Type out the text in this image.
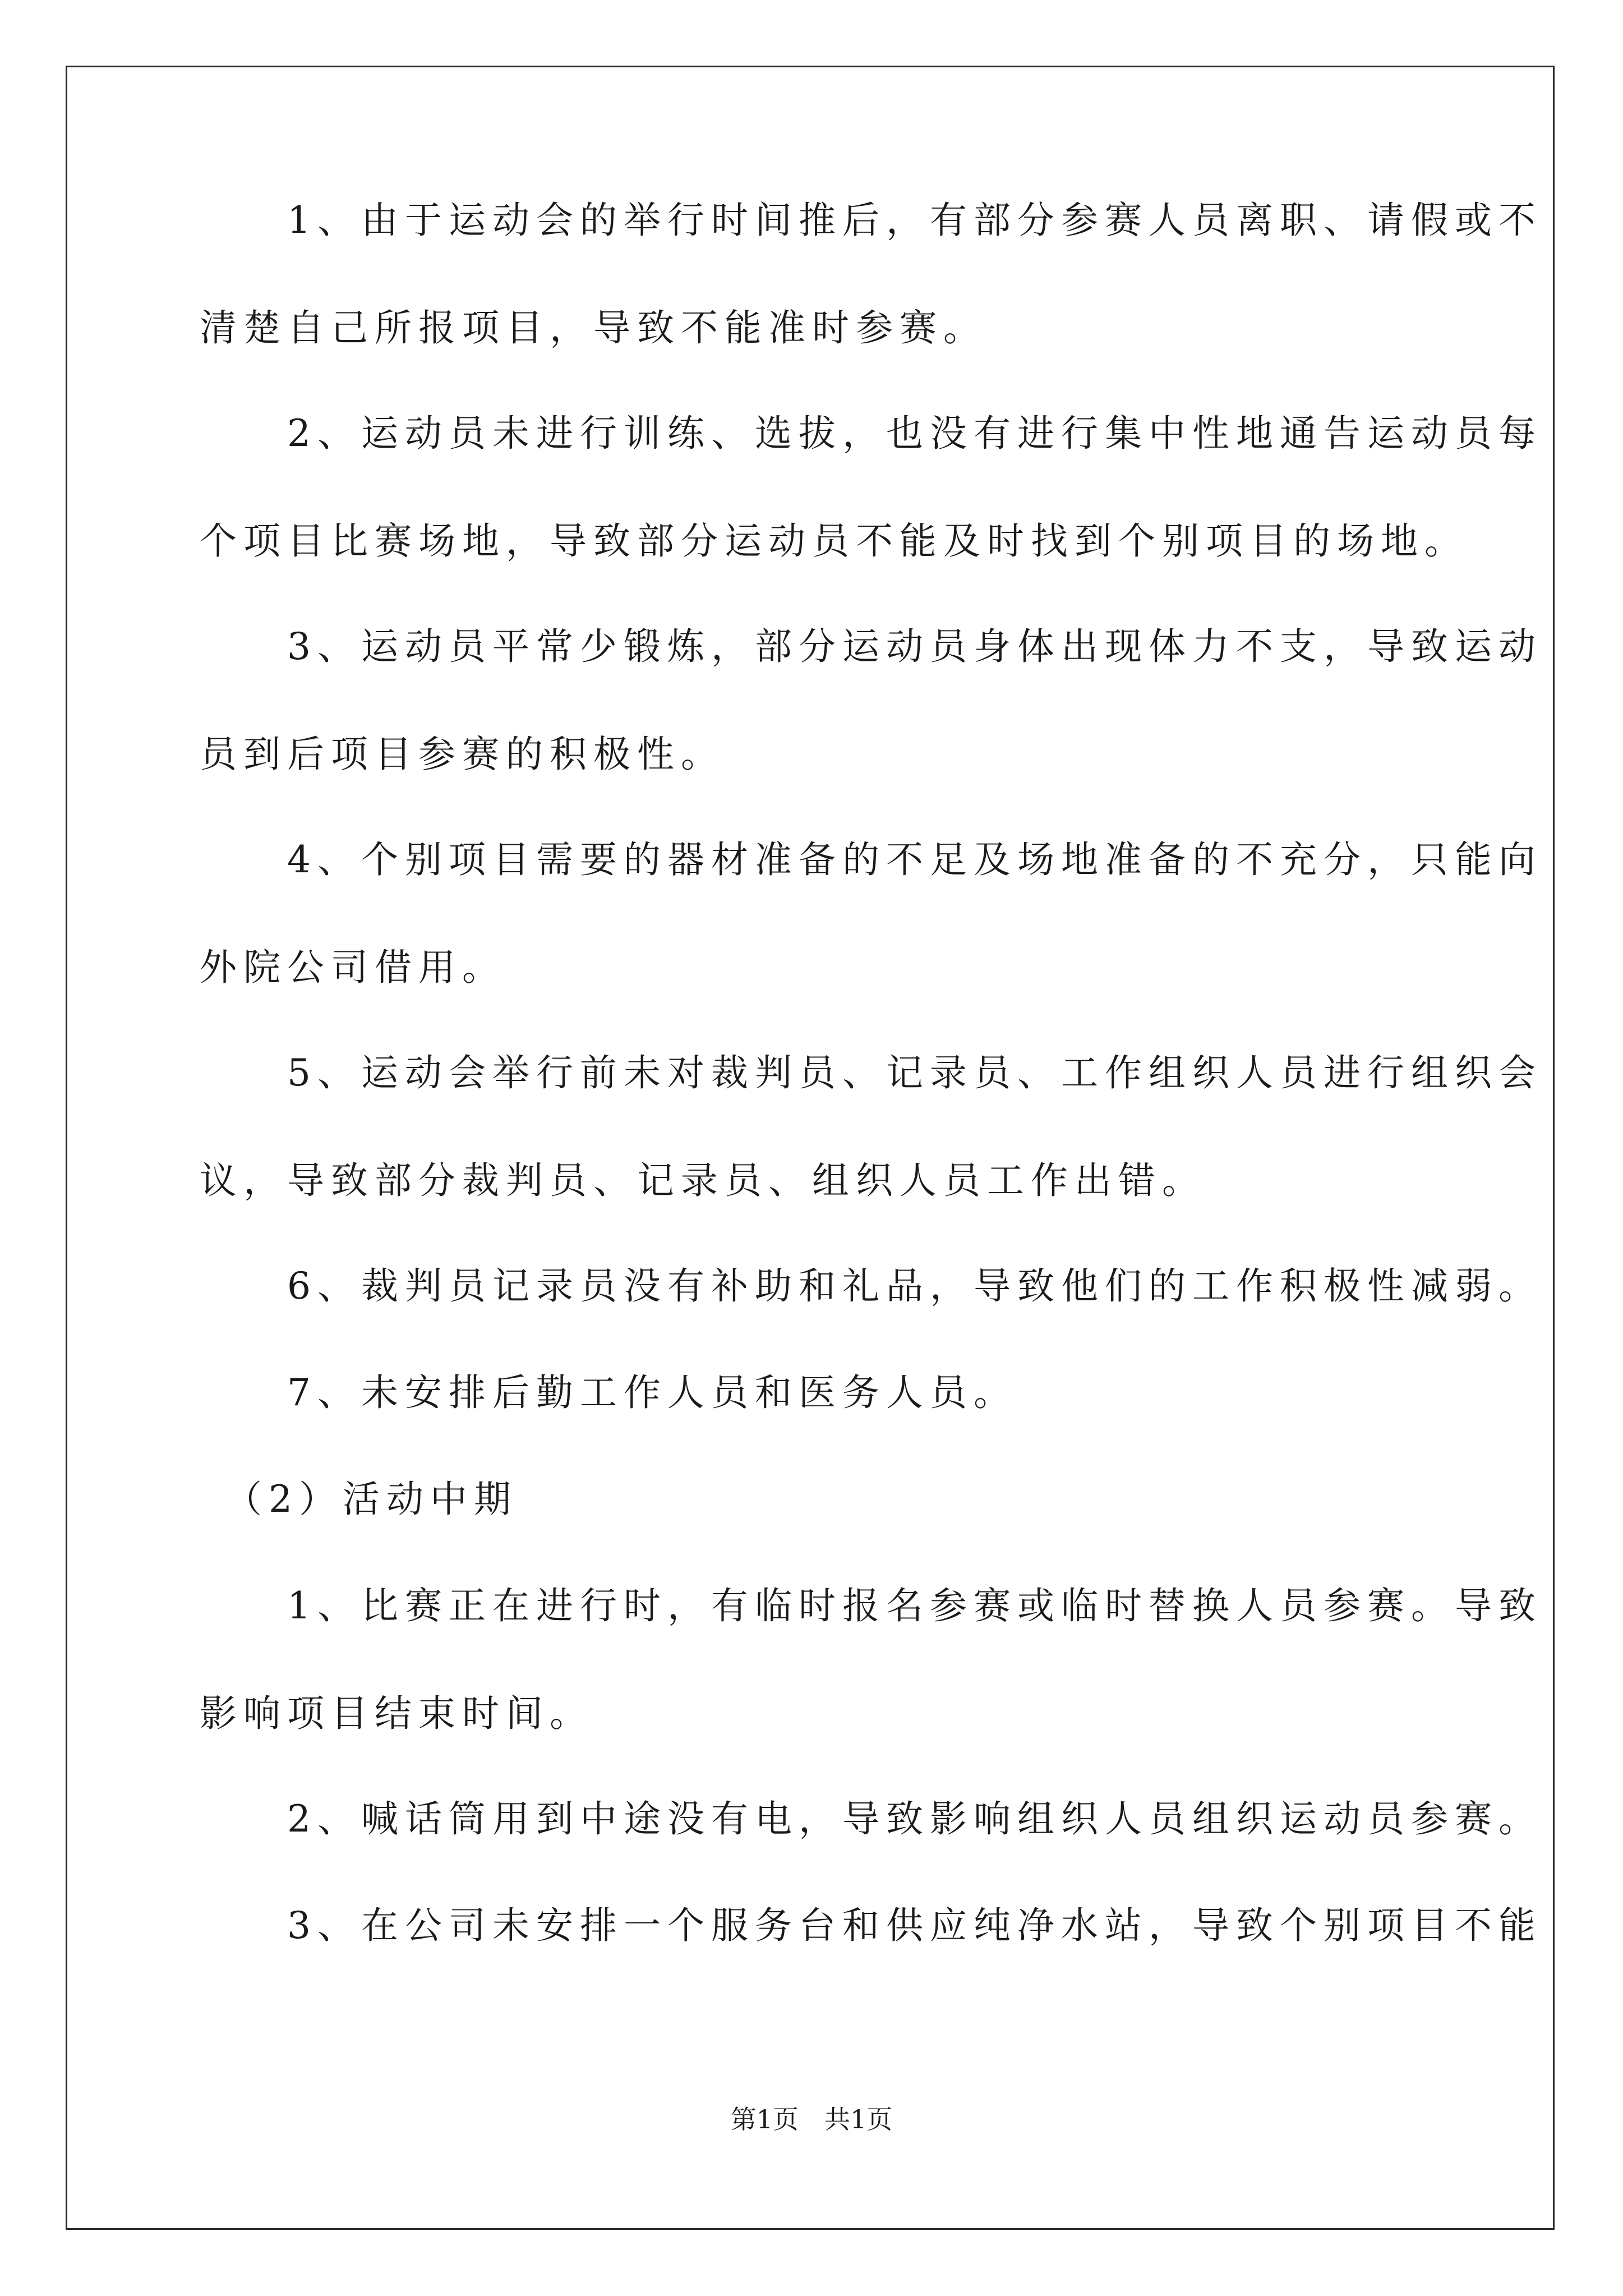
　　1、由于运动会的举行时间推后，有部分参赛人员离职、请假或不
清楚自己所报项目，导致不能准时参赛。
　　2、运动员未进行训练、选拔，也没有进行集中性地通告运动员每
个项目比赛场地，导致部分运动员不能及时找到个别项目的场地。
　　3、运动员平常少锻炼，部分运动员身体出现体力不支，导致运动
员到后项目参赛的积极性。
　　4、个别项目需要的器材准备的不足及场地准备的不充分，只能向
外院公司借用。
　　5、运动会举行前未对裁判员、记录员、工作组织人员进行组织会
议，导致部分裁判员、记录员、组织人员工作出错。
　　6、裁判员记录员没有补助和礼品，导致他们的工作积极性减弱。
　　7、未安排后勤工作人员和医务人员。
　（2）活动中期
　　1、比赛正在进行时，有临时报名参赛或临时替换人员参赛。导致
影响项目结束时间。
　　2、喊话筒用到中途没有电，导致影响组织人员组织运动员参赛。
　　3、在公司未安排一个服务台和供应纯净水站，导致个别项目不能
第1页　共1页
